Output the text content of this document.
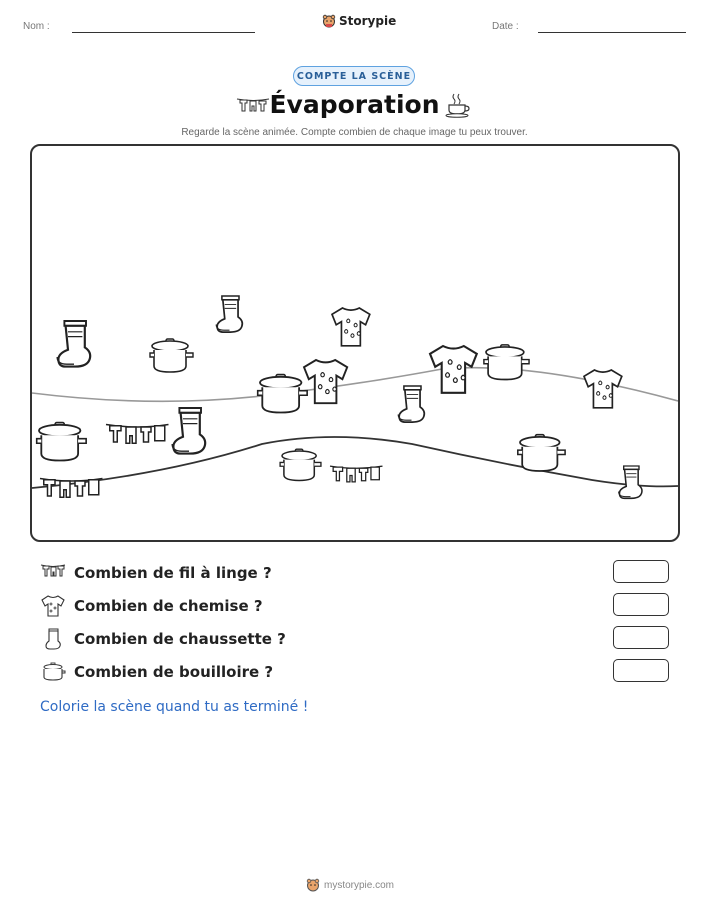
Nom :	Storypie	Date :
COMPTE LA SCÈNE
Évaporation
Regarde la scène animée. Compte combien de chaque image tu peux trouver.
Combien de fil à linge ?
Combien de chemise ?
Combien de chaussette ?
Combien de bouilloire ?
Colorie la scène quand tu as terminé !
mystorypie.com
